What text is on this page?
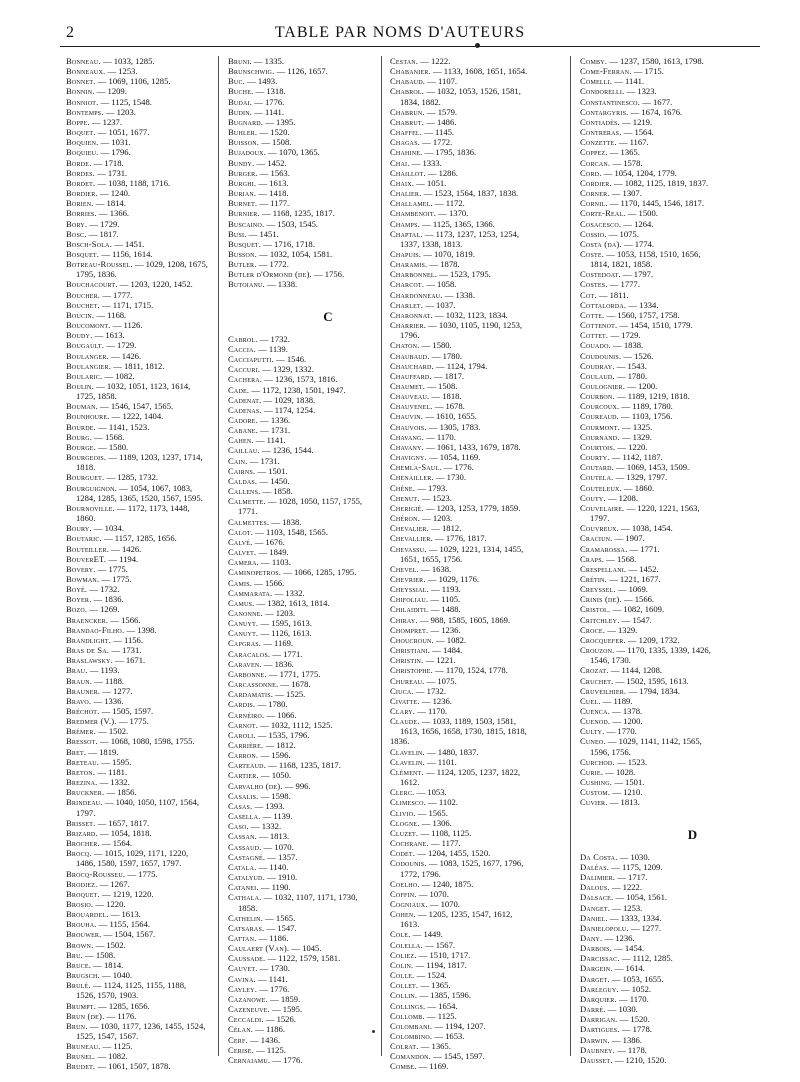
2	TABLE PAR NOMS D'AUTEURS
Bonneau. — 1033, 1285.
Bonneaux. — 1253.
Bonnet. — 1069, 1106, 1285.
Bonnin. — 1209.
Bonniot. — 1125, 1548.
Bontemps. — 1203.
Boppe. — 1237.
Boquet. — 1051, 1677.
Boquien. — 1031.
Boquieu. — 1796.
Borde. — 1718.
Bordes. — 1731.
Bordet. — 1038, 1188, 1716.
Bordier. — 1240.
Borien. — 1814.
Borries. — 1366.
Bory. — 1729.
Bosc. — 1817.
Bosch-Sola. — 1451.
Bosquet. — 1156, 1614.
Botreau-Roussel. — 1029, 1208, 1675,
1795, 1836.
Bouchacourt. — 1203, 1220, 1452.
Boucher. — 1777.
Bouchet. — 1171, 1715.
Boucin. — 1168.
Boucomont. — 1126.
Boudy. — 1613.
Bougault. — 1729.
Boulanger. — 1426.
Boulangier. — 1811, 1812.
Boularic. — 1082.
Boulin. — 1032, 1051, 1123, 1614,
1725, 1858.
Bouman. — 1546, 1547, 1565.
Bounhoure. — 1222, 1404.
Bourde. — 1141, 1523.
Bourg. — 1568.
Bourge. — 1580.
Bourgeois. — 1189, 1203, 1237, 1714,
1818.
Bourguet. — 1285, 1732.
Bourguignon. — 1054, 1067, 1083,
1284, 1285, 1365, 1520, 1567, 1595.
Bournoville. — 1172, 1173, 1448,
1860.
Boury. — 1034.
Boutaric. — 1157, 1285, 1656.
Bouteiller. — 1426.
BouverET. — 1194.
Bovery. — 1775.
Bowman. — 1775.
Boyé. — 1732.
Boyer. — 1836.
Bozo. — 1269.
Braencker. — 1566.
Brandao-Filho. — 1398.
Brandlight. — 1156.
Bras de Sa. — 1731.
Braslawsky. — 1671.
Brau. — 1193.
Braun. — 1188.
Brauner. — 1277.
Bravo. — 1336.
Bréchot. — 1505, 1597.
Bredmer (V.). — 1775.
Brémer. — 1502.
Bressot. — 1068, 1080, 1598, 1755.
Bret. — 1819.
Breteau. — 1595.
Breton. — 1181.
Brezina. — 1332.
Bruckner. — 1856.
Brindeau. — 1040, 1050, 1107, 1564,
1797.
Brisset. — 1657, 1817.
Brizard. — 1054, 1818.
Brocher. — 1564.
Brocq. — 1015, 1029, 1171, 1220,
1486, 1580, 1597, 1657, 1797.
Brocq-Rousseu. — 1775.
Brodiez. — 1267.
Broquet. — 1219, 1220.
Brosio. — 1220.
Brouardel. — 1613.
Brouha. — 1155, 1564.
Brouwer. — 1504, 1567.
Brown. — 1502.
Bru. — 1508.
Bruce. — 1814.
Brugsch. — 1040.
Brulé. — 1124, 1125, 1155, 1188,
1526, 1570, 1903.
Brumpt. — 1285, 1656.
Brun (de). — 1176.
Brun. — 1030, 1177, 1236, 1455, 1524,
1525, 1547, 1567.
Bruneau. — 1125.
Brunel. — 1082.
Brudet. — 1061, 1507, 1878.
Bruni. — 1335.
Brunschwig. — 1126, 1657.
Buc. — 1493.
Buche. — 1318.
Budai. — 1776.
Budin. — 1141.
Bugnard. — 1395.
Buhler. — 1520.
Buisson. — 1508.
Bujadoux. — 1070, 1365.
Bundy. — 1452.
Burger. — 1563.
Burghi. — 1613.
Burian. — 1418.
Burnet. — 1177.
Burnier. — 1168, 1235, 1817.
Buscaino. — 1503, 1545.
Busi. — 1451.
Busquet. — 1716, 1718.
Busson. — 1032, 1054, 1581.
Butler. — 1772.
Butler d'Ormond (de). — 1756.
Butoianu. — 1338.
C
Cabrol. — 1732.
Caccia. — 1139.
Cacciaputti. — 1546.
Caccuri. — 1329, 1332.
Cachera. — 1236, 1573, 1816.
Cade. — 1172, 1238, 1501, 1947.
Cadenat. — 1029, 1838.
Cadenas. — 1174, 1254.
Cadore. — 1336.
Cabane. — 1731.
Cahen. — 1141.
Caillau. — 1236, 1544.
Cain. — 1731.
Cairns. — 1501.
Caldas. — 1450.
Callens. — 1858.
Calmette. — 1028, 1050, 1157, 1755,
1771.
Calmettes. — 1838.
Calot. — 1103, 1548, 1565.
Calvé. — 1676.
Calvet. — 1849.
Camera. — 1103.
Caminopetros. — 1066, 1285, 1795.
Camis. — 1566.
Cammarata. — 1332.
Camus. — 1382, 1613, 1814.
Canonne. — 1203.
Canuyt. — 1595, 1613.
Canuyt. — 1126, 1613.
Capgras. — 1169.
Caracalos. — 1771.
Caraven. — 1836.
Carbonne. — 1771, 1775.
Carcassonne. — 1678.
Cardamatis. — 1525.
Cardis. — 1780.
Carnéiro. — 1066.
Carnot. — 1032, 1112, 1525.
Caroli. — 1535, 1796.
Carrière. — 1812.
Carron. — 1596.
Carteaud. — 1168, 1235, 1817.
Cartier. — 1050.
Carvalho (de). — 996.
Casalis. — 1598.
Casas. — 1393.
Casella. — 1139.
Caso. — 1332.
Cassan. — 1813.
Cassaud. — 1070.
Castagné. — 1357.
Catala. — 1140.
Catalyud. — 1910.
Catanei. — 1190.
Cathala. — 1032, 1107, 1171, 1730,
1858.
Cathelin. — 1565.
Catsaras. — 1547.
Cattan. — 1186.
Caulaert (Van). — 1045.
Caussade. — 1122, 1579, 1581.
Cauvet. — 1730.
Cavina. — 1141.
Cayley. — 1776.
Cazanowe. — 1859.
Cazeneuve. — 1595.
Ceccaldi. — 1526.
Célan. — 1186.
Cerf. — 1436.
Cerise. — 1125.
Cernaiamu. — 1776.
Cestan. — 1222.
Chabanier. — 1133, 1608, 1651, 1654.
Chabaud. — 1107.
Chabrol. — 1032, 1053, 1526, 1581,
1834, 1882.
Chabrun. — 1579.
Chabrut. — 1486.
Chaffel. — 1145.
Chagas. — 1772.
Chahine. — 1795, 1836.
Chai. — 1333.
Chaillot. — 1286.
Chaix. — 1051.
Chalier. — 1523, 1564, 1837, 1838.
Challamel. — 1172.
Chambenoit. — 1370.
Champs. — 1125, 1365, 1366.
Chaptal. — 1173, 1237, 1253, 1254,
1337, 1338, 1813.
Chapuis. — 1070, 1819.
Charamis. — 1878.
Charbonnel. — 1523, 1795.
Charcot. — 1058.
Chardonneau. — 1338.
Charlet. — 1037.
Charonnat. — 1032, 1123, 1834.
Charrier. — 1030, 1105, 1190, 1253,
1796.
Chaton. — 1580.
Chaubaud. — 1780.
Chauchard. — 1124, 1794.
Chauffard. — 1817.
Chaumet. — 1508.
Chauveau. — 1818.
Chauvenel. — 1678.
Chauvin. — 1610, 1655.
Chauvois. — 1305, 1783.
Chavang. — 1170.
Chavany. — 1061, 1433, 1679, 1878.
Chavigny. — 1054, 1169.
Chemla-Saul. — 1776.
Chenailler. — 1730.
Chêne. — 1793.
Chenut. — 1523.
Cherigié. — 1203, 1253, 1779, 1859.
Chéron. — 1203.
Chevalier. — 1812.
Chevallier. — 1776, 1817.
Chevassu. — 1029, 1221, 1314, 1455,
1651, 1655, 1756.
Chevel. — 1638.
Chevrier. — 1029, 1176.
Cheyssial. — 1193.
Chifoliau. — 1105.
Chilaiditi. — 1488.
Chiray. — 988, 1585, 1605, 1869.
Chompret. — 1236.
Choucroun. — 1082.
Christiani. — 1484.
Christin. — 1221.
Christophe. — 1170, 1524, 1778.
Chureau. — 1075.
Ciuca. — 1732.
Civatte. — 1236.
Clary. — 1170.
Claude. — 1033, 1189, 1503, 1581,
1613, 1656, 1658, 1730, 1815, 1818,
1836.
Clavelin. — 1480, 1837.
Clavelin. — 1101.
Clément. — 1124, 1205, 1237, 1822,
1612.
Clerc. — 1053.
Climesco. — 1102.
Clivio. — 1565.
Clogne. — 1306.
Cluzet. — 1108, 1125.
Cochrane. — 1177.
Codet. — 1204, 1455, 1520.
Codounis. — 1083, 1525, 1677, 1796,
1772, 1796.
Coelho. — 1240, 1875.
Coffin. — 1070.
Cogniaux. — 1070.
Cohen. — 1205, 1235, 1547, 1612,
1613.
Cole. — 1449.
Colella. — 1567.
Coliez. — 1510, 1717.
Colin. — 1194, 1817.
Colle. — 1524.
Collet. — 1365.
Collin. — 1385, 1596.
Collings. — 1654.
Collomb. — 1125.
Colombani. — 1194, 1207.
Colombino. — 1653.
Colrat. — 1365.
Comandon. — 1545, 1597.
Combe. — 1169.
Comby. — 1237, 1580, 1613, 1798.
Come-Ferran. — 1715.
Comelli. — 1141.
Condorelli. — 1323.
Constantinesco. — 1677.
Contargyris. — 1674, 1676.
Contiadès. — 1219.
Contreras. — 1564.
Conzette. — 1167.
Coppez. — 1365.
Corcan. — 1578.
Cord. — 1054, 1204, 1779.
Cordier. — 1082, 1125, 1819, 1837.
Corner. — 1307.
Cornil. — 1170, 1445, 1546, 1817.
Corte-Real. — 1500.
Cosacesco. — 1264.
Cossio. — 1075.
Costa (da). — 1774.
Coste. — 1053, 1158, 1510, 1656,
1814, 1821, 1858.
Costedoat. — 1797.
Costes. — 1777.
Cot. — 1811.
Cottalorda. — 1334.
Cotte. — 1560, 1757, 1758.
Cottenot. — 1454, 1510, 1779.
Cottet. — 1729.
Couado. — 1838.
Coudounis. — 1526.
Coudray. — 1543.
Coulaud. — 1780.
Coulognier. — 1200.
Courbon. — 1189, 1219, 1818.
Courcoux. — 1189, 1780.
Coureaud. — 1103, 1756.
Courmont. — 1325.
Cournand. — 1329.
Courtois. — 1220.
Courty. — 1142, 1187.
Coutard. — 1069, 1453, 1509.
Coutela. — 1329, 1797.
Couteleux. — 1860.
Couty. — 1208.
Couvelaire. — 1220, 1221, 1563,
1797.
Couvreux. — 1038, 1454.
Craciun. — 1907.
Cramarossa. — 1771.
Craps. — 1568.
Crespellani. — 1452.
Crétin. — 1221, 1677.
Creyssel. — 1069.
Crinis (de). — 1566.
Cristol. — 1082, 1609.
Critchley. — 1547.
Croce. — 1329.
Crocquefer. — 1209, 1732.
Crouzon. — 1170, 1335, 1339, 1426,
1546, 1730.
Crozat. — 1144, 1208.
Cruchet. — 1502, 1595, 1613.
Cruveilhier. — 1794, 1834.
Cuel. — 1189.
Cuenca. — 1378.
Cuenod. — 1200.
Culty. — 1770.
Cuneo. — 1029, 1141, 1142, 1565,
1596, 1756.
Curchod. — 1523.
Curie. — 1028.
Cushing. — 1501.
Custom. — 1210.
Cuvier. — 1813.
D
Da Costa. — 1030.
Daléas. — 1175, 1209.
Dalimier. — 1717.
Dalous. — 1222.
Dalsace. — 1054, 1561.
Danget. — 1253.
Daniel. — 1333, 1334.
Danielopolu. — 1277.
Dany. — 1236.
Darbois. — 1454.
Darcissac. — 1112, 1285.
Dargein. — 1614.
Darget. — 1053, 1655.
Darleguy. — 1052.
Darquier. — 1170.
Darré. — 1030.
Darrigan. — 1520.
Dartigues. — 1778.
Darwin. — 1386.
Daubney. — 1178.
Dausset. — 1210, 1520.
